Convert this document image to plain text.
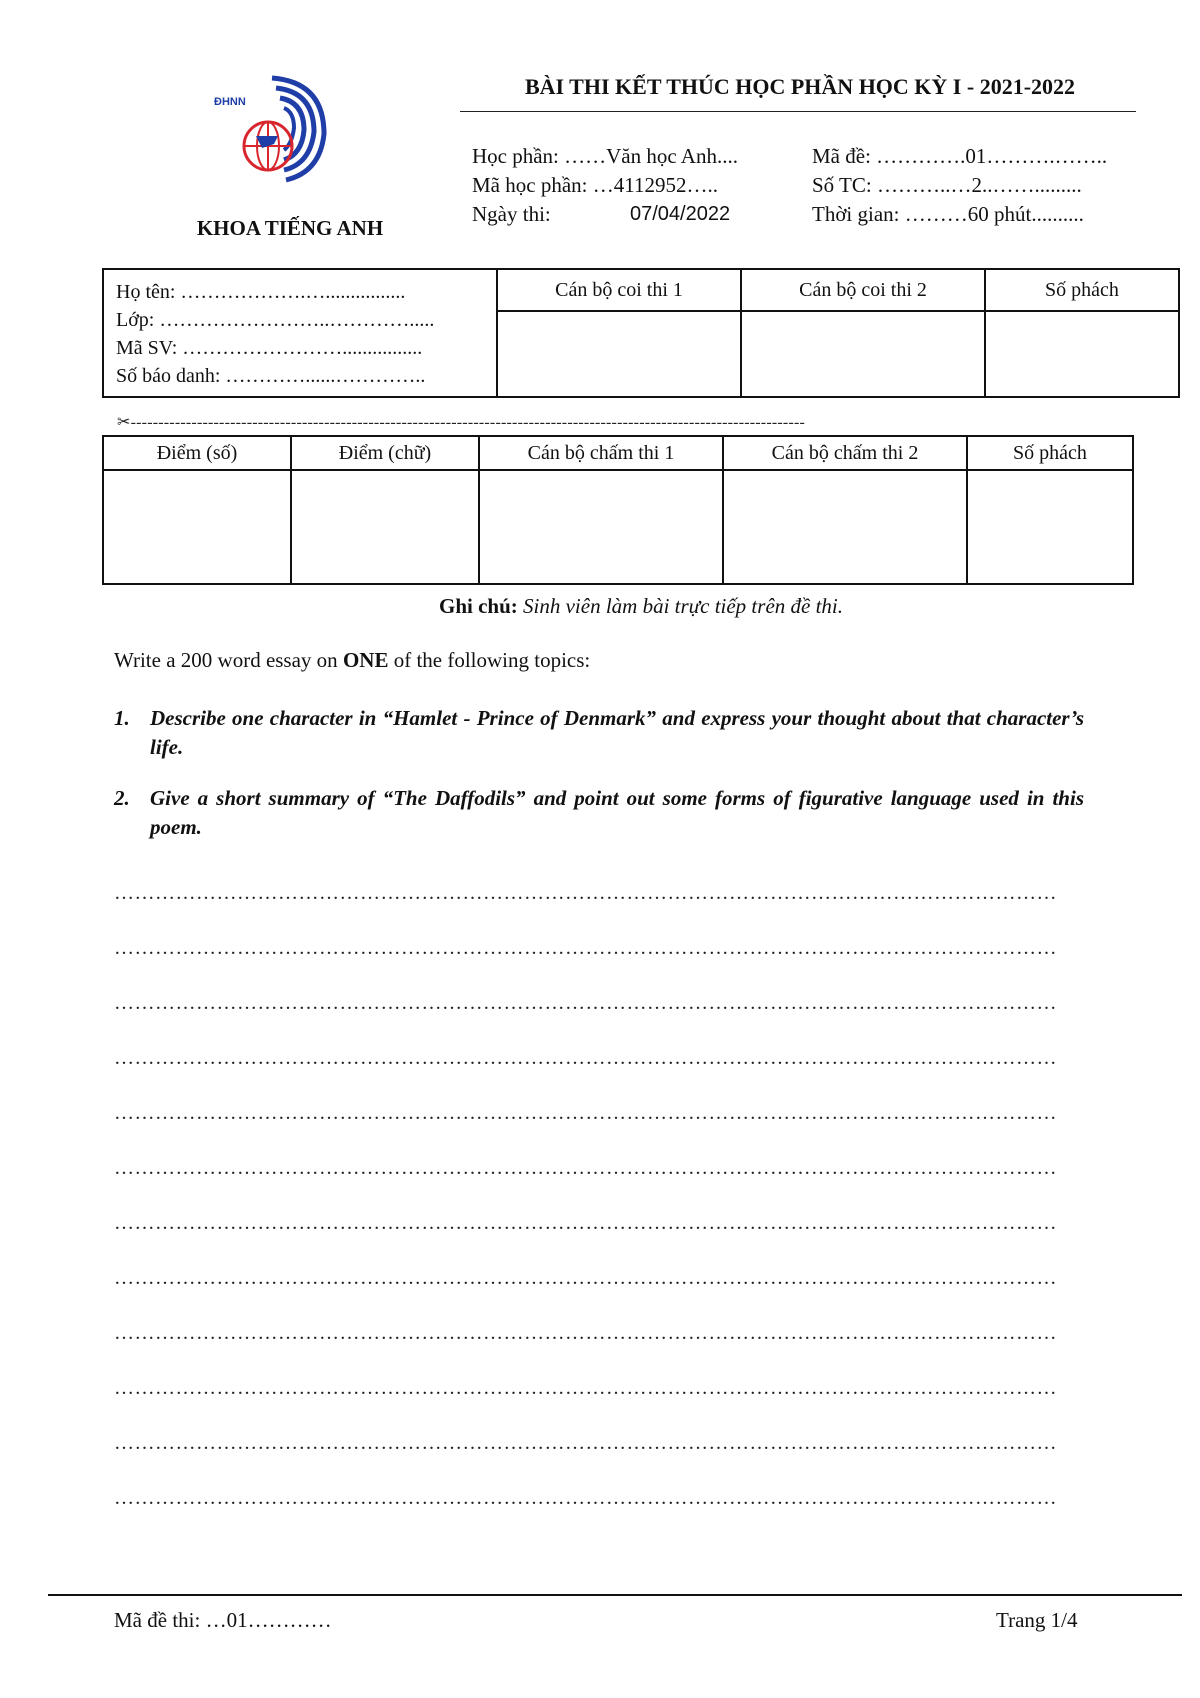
ĐHNN
KHOA TIẾNG ANH
BÀI THI KẾT THÚC HỌC PHẦN HỌC KỲ I - 2021-2022
Học phần: ……Văn học Anh....
Mã học phần: …4112952…..
Ngày thi:	07/04/2022
Mã đề: ………….01……….……..
Số TC: ………..…2..…….........
Thời gian: ………60 phút..........
Họ tên: ……………….…................
Lớp: ……………………..………….....
Mã SV: ……………………................
Số báo danh: …………......…………..	Cán bộ coi thi 1	Cán bộ coi thi 2	Số phách

✂--------------------------------------------------------------------------------------------------------------------------
Điểm (số)	Điểm (chữ)	Cán bộ chấm thi 1	Cán bộ chấm thi 2	Số phách

Ghi chú: Sinh viên làm bài trực tiếp trên đề thi.
Write a 200 word essay on ONE of the following topics:
1. Describe one character in “Hamlet - Prince of Denmark” and express your thought about that character’s life.
2. Give a short summary of “The Daffodils” and point out some forms of figurative language used in this poem.
…………………………………………………………………………………………………………………………
…………………………………………………………………………………………………………………………
…………………………………………………………………………………………………………………………
…………………………………………………………………………………………………………………………
…………………………………………………………………………………………………………………………
…………………………………………………………………………………………………………………………
…………………………………………………………………………………………………………………………
…………………………………………………………………………………………………………………………
…………………………………………………………………………………………………………………………
…………………………………………………………………………………………………………………………
…………………………………………………………………………………………………………………………
…………………………………………………………………………………………………………………………
Mã đề thi: …01…………	Trang 1/4
